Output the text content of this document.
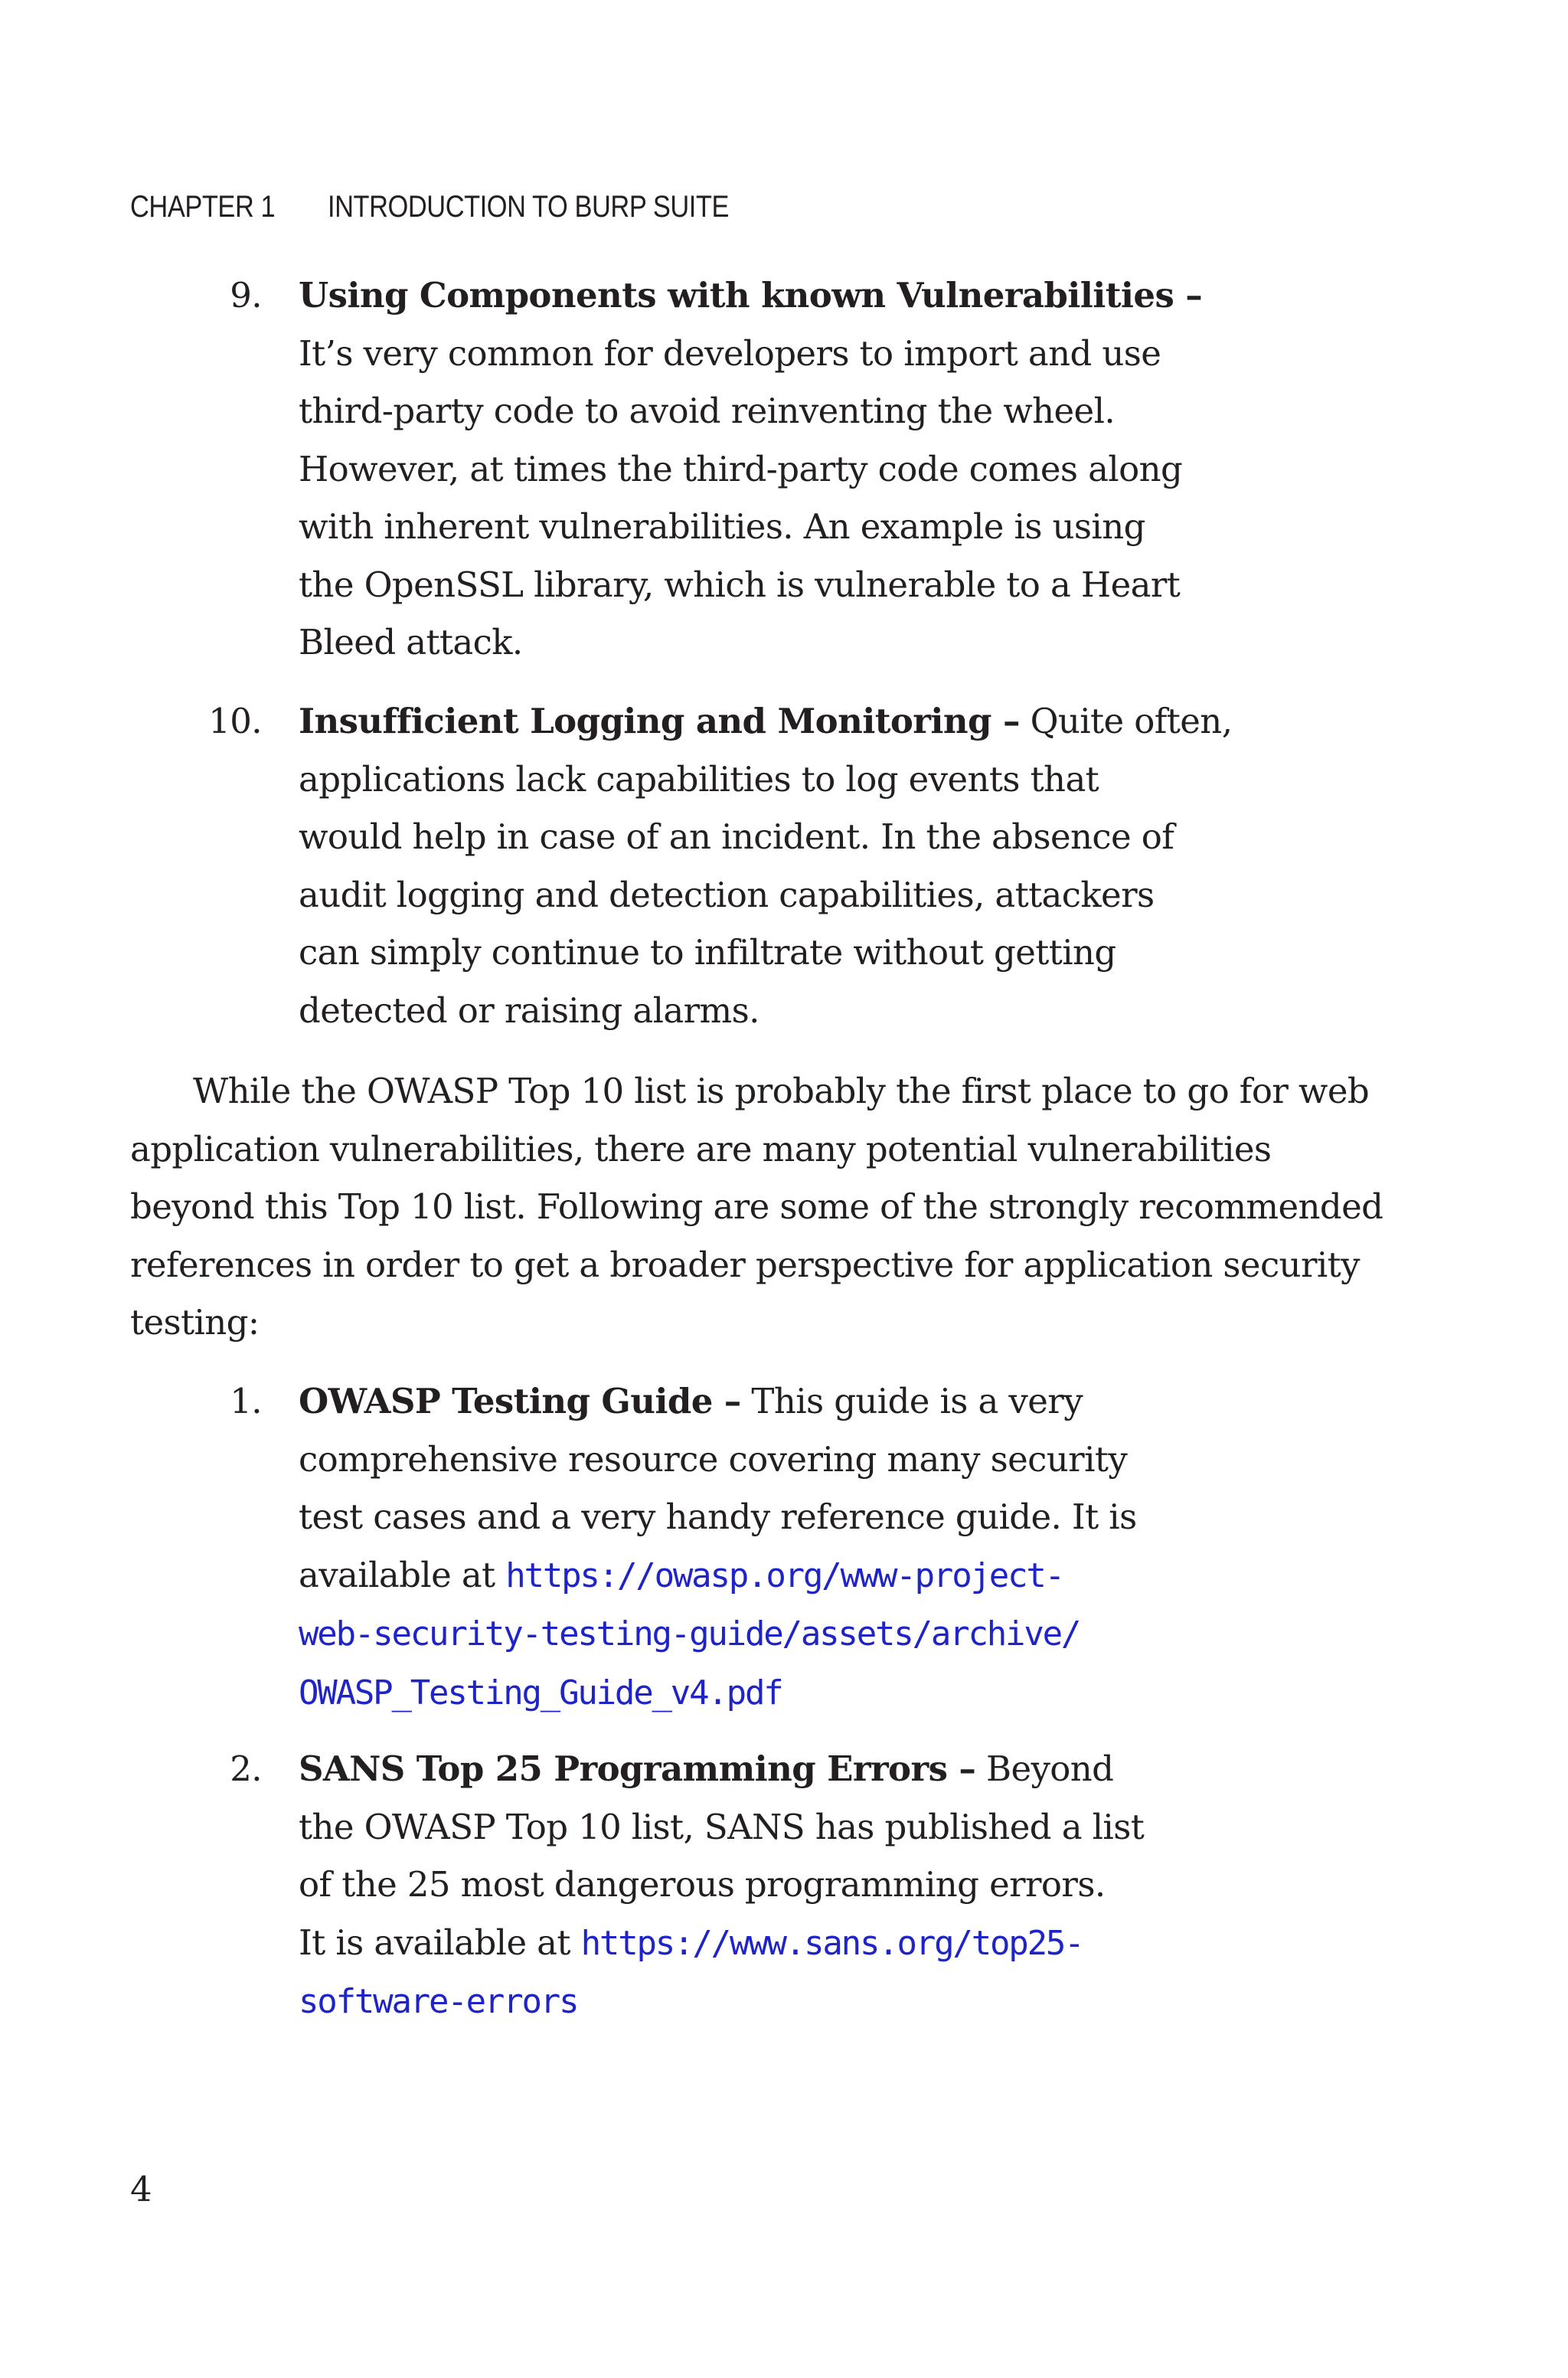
CHAPTER 1 INTRODUCTION TO BURP SUITE
9. Using Components with known Vulnerabilities –
It’s very common for developers to import and use
third-party code to avoid reinventing the wheel.
However, at times the third-party code comes along
with inherent vulnerabilities. An example is using
the OpenSSL library, which is vulnerable to a Heart
Bleed attack.
10. Insufficient Logging and Monitoring – Quite often,
applications lack capabilities to log events that
would help in case of an incident. In the absence of
audit logging and detection capabilities, attackers
can simply continue to infiltrate without getting
detected or raising alarms.
While the OWASP Top 10 list is probably the first place to go for web
application vulnerabilities, there are many potential vulnerabilities
beyond this Top 10 list. Following are some of the strongly recommended
references in order to get a broader perspective for application security
testing:
1. OWASP Testing Guide – This guide is a very
comprehensive resource covering many security
test cases and a very handy reference guide. It is
available at https://owasp.org/www-project-
web-security-testing-guide/assets/archive/
OWASP_Testing_Guide_v4.pdf
2. SANS Top 25 Programming Errors – Beyond
the OWASP Top 10 list, SANS has published a list
of the 25 most dangerous programming errors.
It is available at https://www.sans.org/top25-
software-errors
4
